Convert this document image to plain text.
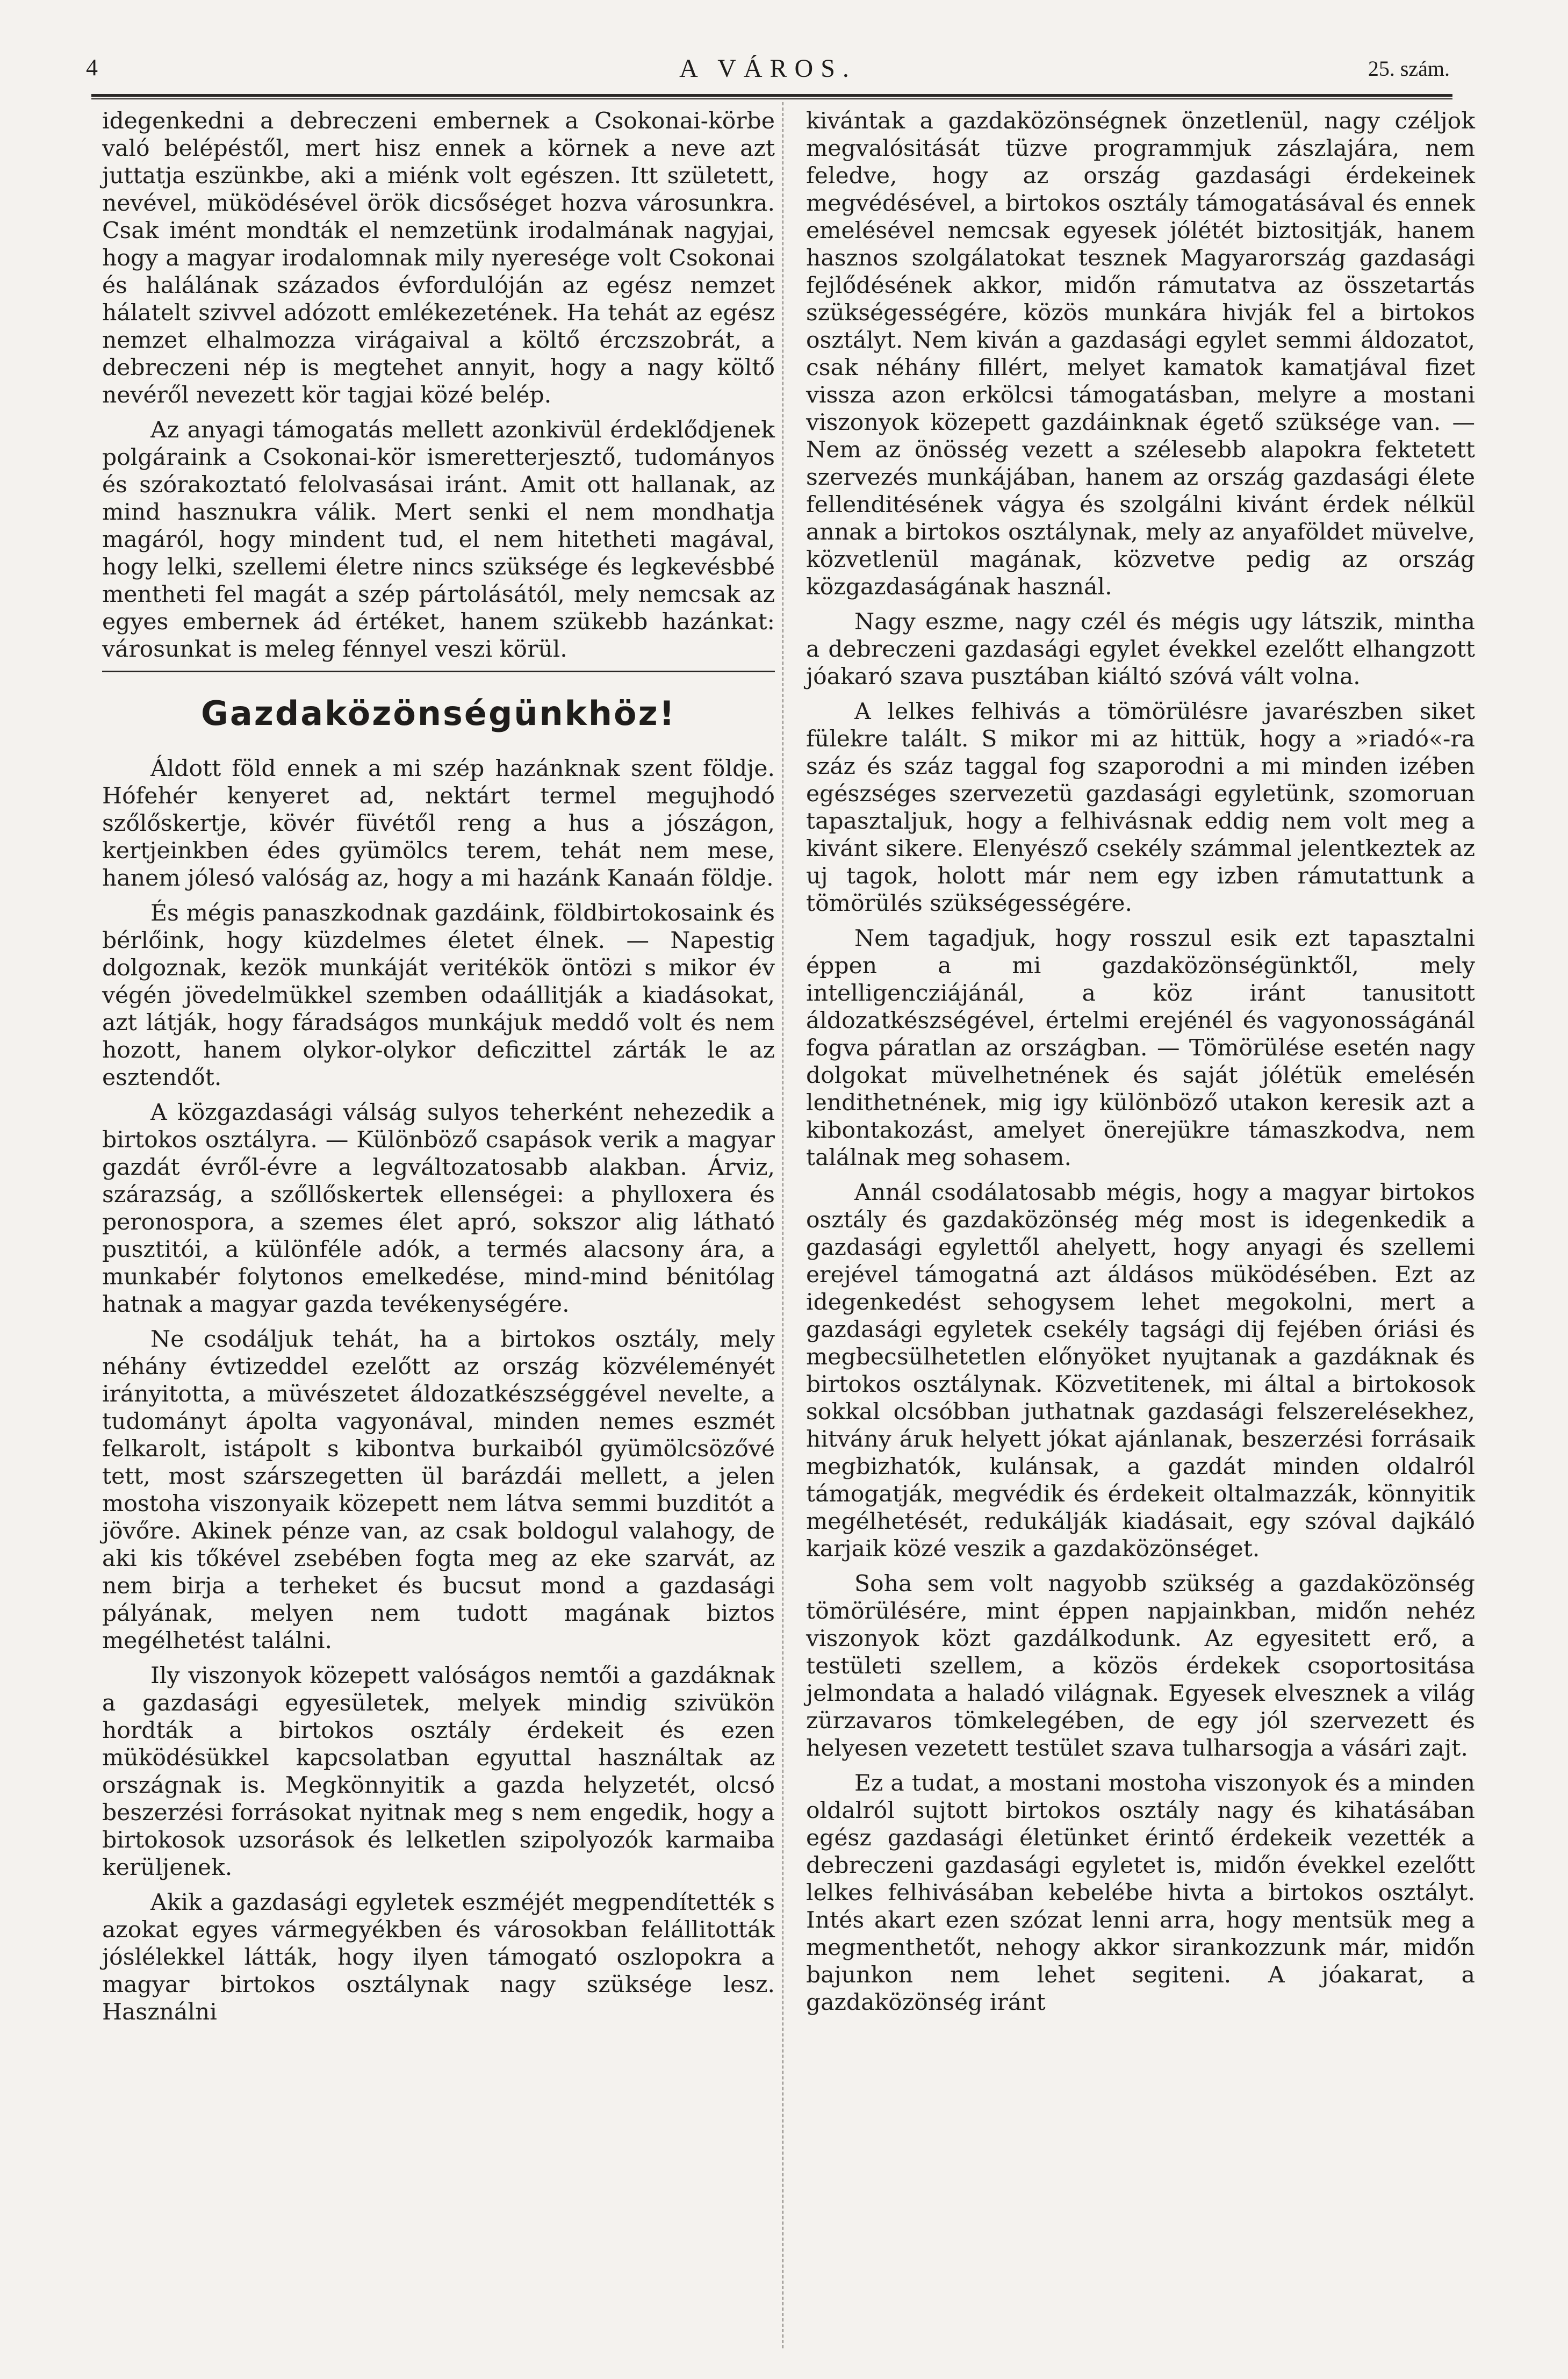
4	A VÁROS.	25. szám.

idegenkedni a debreczeni embernek a Csokonai-körbe való belépéstől, mert hisz ennek a körnek a neve azt juttatja eszünkbe, aki a miénk volt egészen. Itt született, nevével, müködésével örök dicsőséget hozva városunkra. Csak imént mondták el nemzetünk irodalmának nagyjai, hogy a magyar irodalomnak mily nyeresége volt Csokonai és halálának százados évfordulóján az egész nemzet hálatelt szivvel adózott emlékezetének. Ha tehát az egész nemzet elhalmozza virágaival a költő érczszobrát, a debreczeni nép is megtehet annyit, hogy a nagy költő nevéről nevezett kör tagjai közé belép.

Az anyagi támogatás mellett azonkivül érdeklődjenek polgáraink a Csokonai-kör ismeretterjesztő, tudományos és szórakoztató felolvasásai iránt. Amit ott hallanak, az mind hasznukra válik. Mert senki el nem mondhatja magáról, hogy mindent tud, el nem hitetheti magával, hogy lelki, szellemi életre nincs szüksége és legkevésbbé mentheti fel magát a szép pártolásától, mely nemcsak az egyes embernek ád értéket, hanem szükebb hazánkat: városunkat is meleg fénnyel veszi körül.

Gazdaközönségünkhöz!

Áldott föld ennek a mi szép hazánknak szent földje. Hófehér kenyeret ad, nektárt termel megujhodó szőlőskertje, kövér füvétől reng a hus a jószágon, kertjeinkben édes gyümölcs terem, tehát nem mese, hanem jólesó valóság az, hogy a mi hazánk Kanaán földje.

És mégis panaszkodnak gazdáink, földbirtokosaink és bérlőink, hogy küzdelmes életet élnek. — Napestig dolgoznak, kezök munkáját veritékök öntözi s mikor év végén jövedelmükkel szemben odaállitják a kiadásokat, azt látják, hogy fáradságos munkájuk meddő volt és nem hozott, hanem olykor-olykor deficzittel zárták le az esztendőt.

A közgazdasági válság sulyos teherként nehezedik a birtokos osztályra. — Különböző csapások verik a magyar gazdát évről-évre a legváltozatosabb alakban. Árviz, szárazság, a szőllőskertek ellenségei: a phylloxera és peronospora, a szemes élet apró, sokszor alig látható pusztitói, a különféle adók, a termés alacsony ára, a munkabér folytonos emelkedése, mind-mind bénitólag hatnak a magyar gazda tevékenységére.

Ne csodáljuk tehát, ha a birtokos osztály, mely néhány évtizeddel ezelőtt az ország közvéleményét irányitotta, a müvészetet áldozatkészséggével nevelte, a tudományt ápolta vagyonával, minden nemes eszmét felkarolt, istápolt s kibontva burkaiból gyümölcsözővé tett, most szárszegetten ül barázdái mellett, a jelen mostoha viszonyaik közepett nem látva semmi buzditót a jövőre. Akinek pénze van, az csak boldogul valahogy, de aki kis tőkével zsebében fogta meg az eke szarvát, az nem birja a terheket és bucsut mond a gazdasági pályának, melyen nem tudott magának biztos megélhetést találni.

Ily viszonyok közepett valóságos nemtői a gazdáknak a gazdasági egyesületek, melyek mindig szivükön hordták a birtokos osztály érdekeit és ezen müködésükkel kapcsolatban egyuttal használtak az országnak is. Megkönnyitik a gazda helyzetét, olcsó beszerzési forrásokat nyitnak meg s nem engedik, hogy a birtokosok uzsorások és lelketlen szipolyozók karmaiba kerüljenek.

Akik a gazdasági egyletek eszméjét megpendítették s azokat egyes vármegyékben és városokban felállitották jóslélekkel látták, hogy ilyen támogató oszlopokra a magyar birtokos osztálynak nagy szüksége lesz. Használni

kivántak a gazdaközönségnek önzetlenül, nagy czéljok megvalósitását tüzve programmjuk zászlajára, nem feledve, hogy az ország gazdasági érdekeinek megvédésével, a birtokos osztály támogatásával és ennek emelésével nemcsak egyesek jólétét biztositják, hanem hasznos szolgálatokat tesznek Magyarország gazdasági fejlődésének akkor, midőn rámutatva az összetartás szükségességére, közös munkára hivják fel a birtokos osztályt. Nem kiván a gazdasági egylet semmi áldozatot, csak néhány fillért, melyet kamatok kamatjával fizet vissza azon erkölcsi támogatásban, melyre a mostani viszonyok közepett gazdáinknak égető szüksége van. — Nem az önösség vezett a szélesebb alapokra fektetett szervezés munkájában, hanem az ország gazdasági élete fellenditésének vágya és szolgálni kivánt érdek nélkül annak a birtokos osztálynak, mely az anyaföldet müvelve, közvetlenül magának, közvetve pedig az ország közgazdaságának használ.

Nagy eszme, nagy czél és mégis ugy látszik, mintha a debreczeni gazdasági egylet évekkel ezelőtt elhangzott jóakaró szava pusztában kiáltó szóvá vált volna.

A lelkes felhivás a tömörülésre javarészben siket fülekre talált. S mikor mi az hittük, hogy a »riadó«-ra száz és száz taggal fog szaporodni a mi minden izében egészséges szervezetü gazdasági egyletünk, szomoruan tapasztaljuk, hogy a felhivásnak eddig nem volt meg a kivánt sikere. Elenyésző csekély számmal jelentkeztek az uj tagok, holott már nem egy izben rámutattunk a tömörülés szükségességére.

Nem tagadjuk, hogy rosszul esik ezt tapasztalni éppen a mi gazdaközönségünktől, mely intelligencziájánál, a köz iránt tanusitott áldozatkészségével, értelmi erejénél és vagyonosságánál fogva páratlan az országban. — Tömörülése esetén nagy dolgokat müvelhetnének és saját jólétük emelésén lendithetnének, mig igy különböző utakon keresik azt a kibontakozást, amelyet önerejükre támaszkodva, nem találnak meg sohasem.

Annál csodálatosabb mégis, hogy a magyar birtokos osztály és gazdaközönség még most is idegenkedik a gazdasági egylettől ahelyett, hogy anyagi és szellemi erejével támogatná azt áldásos müködésében. Ezt az idegenkedést sehogysem lehet megokolni, mert a gazdasági egyletek csekély tagsági dij fejében óriási és megbecsülhetetlen előnyöket nyujtanak a gazdáknak és birtokos osztálynak. Közvetitenek, mi által a birtokosok sokkal olcsóbban juthatnak gazdasági felszerelésekhez, hitvány áruk helyett jókat ajánlanak, beszerzési forrásaik megbizhatók, kulánsak, a gazdát minden oldalról támogatják, megvédik és érdekeit oltalmazzák, könnyitik megélhetését, redukálják kiadásait, egy szóval dajkáló karjaik közé veszik a gazdaközönséget.

Soha sem volt nagyobb szükség a gazdaközönség tömörülésére, mint éppen napjainkban, midőn nehéz viszonyok közt gazdálkodunk. Az egyesitett erő, a testületi szellem, a közös érdekek csoportositása jelmondata a haladó világnak. Egyesek elvesznek a világ zürzavaros tömkelegében, de egy jól szervezett és helyesen vezetett testület szava tulharsogja a vásári zajt.

Ez a tudat, a mostani mostoha viszonyok és a minden oldalról sujtott birtokos osztály nagy és kihatásában egész gazdasági életünket érintő érdekeik vezették a debreczeni gazdasági egyletet is, midőn évekkel ezelőtt lelkes felhivásában kebelébe hivta a birtokos osztályt. Intés akart ezen szózat lenni arra, hogy mentsük meg a megmenthetőt, nehogy akkor sirankozzunk már, midőn bajunkon nem lehet segiteni. A jóakarat, a gazdaközönség iránt
